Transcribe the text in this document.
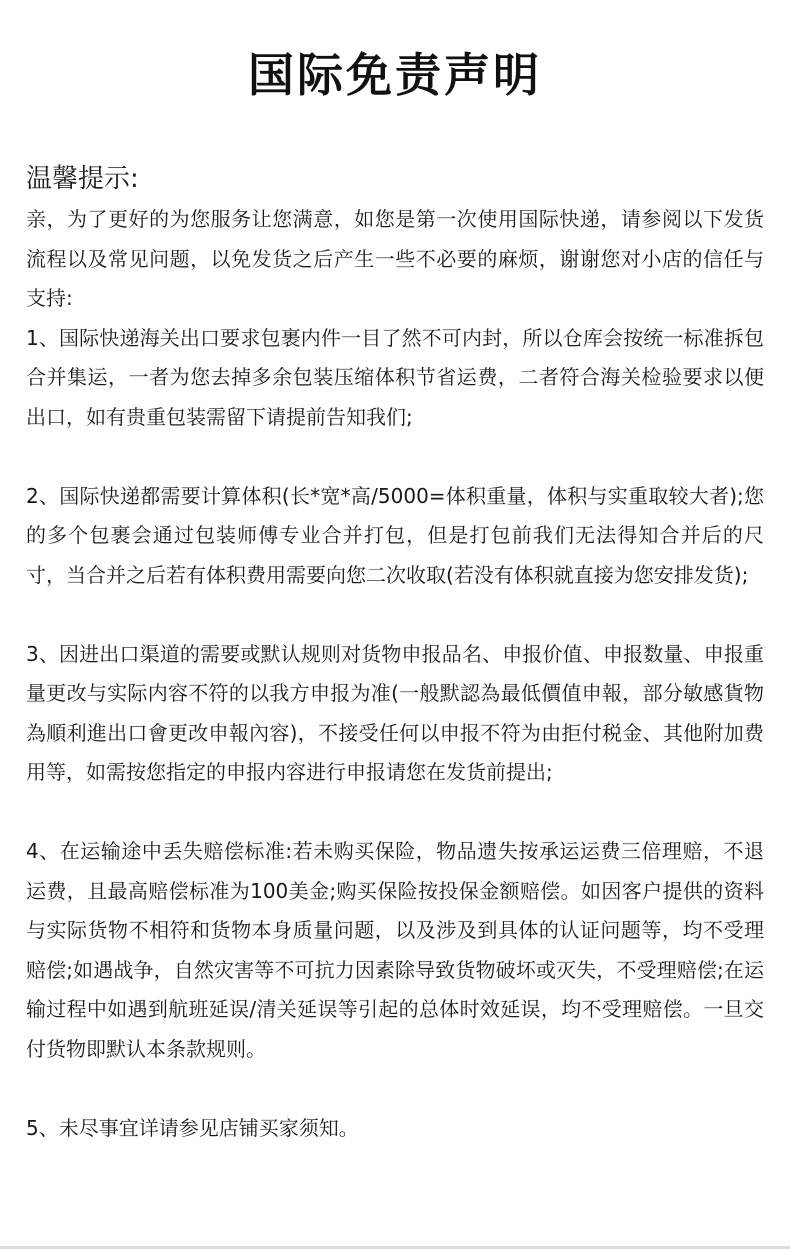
国际免责声明
温馨提示:

亲，为了更好的为您服务让您满意，如您是第一次使用国际快递，请参阅以下发货流程以及常见问题，以免发货之后产生一些不必要的麻烦，谢谢您对小店的信任与支持:

1、国际快递海关出口要求包裹内件一目了然不可内封，所以仓库会按统一标准拆包合并集运，一者为您去掉多余包装压缩体积节省运费，二者符合海关检验要求以便出口，如有贵重包装需留下请提前告知我们;

2、国际快递都需要计算体积(长*宽*高/5000=体积重量，体积与实重取较大者);您的多个包裹会通过包装师傅专业合并打包，但是打包前我们无法得知合并后的尺寸，当合并之后若有体积费用需要向您二次收取(若没有体积就直接为您安排发货);

3、因进出口渠道的需要或默认规则对货物申报品名、申报价值、申报数量、申报重量更改与实际内容不符的以我方申报为准(一般默認為最低價值申報，部分敏感貨物為順利進出口會更改申報內容)，不接受任何以申报不符为由拒付税金、其他附加费用等，如需按您指定的申报内容进行申报请您在发货前提出;

4、在运输途中丢失赔偿标准:若未购买保险，物品遗失按承运运费三倍理赔，不退运费，且最高赔偿标准为100美金;购买保险按投保金额赔偿。如因客户提供的资料与实际货物不相符和货物本身质量问题，以及涉及到具体的认证问题等，均不受理赔偿;如遇战争，自然灾害等不可抗力因素除导致货物破坏或灭失，不受理赔偿;在运输过程中如遇到航班延误/清关延误等引起的总体时效延误，均不受理赔偿。一旦交付货物即默认本条款规则。

5、未尽事宜详请参见店铺买家须知。
